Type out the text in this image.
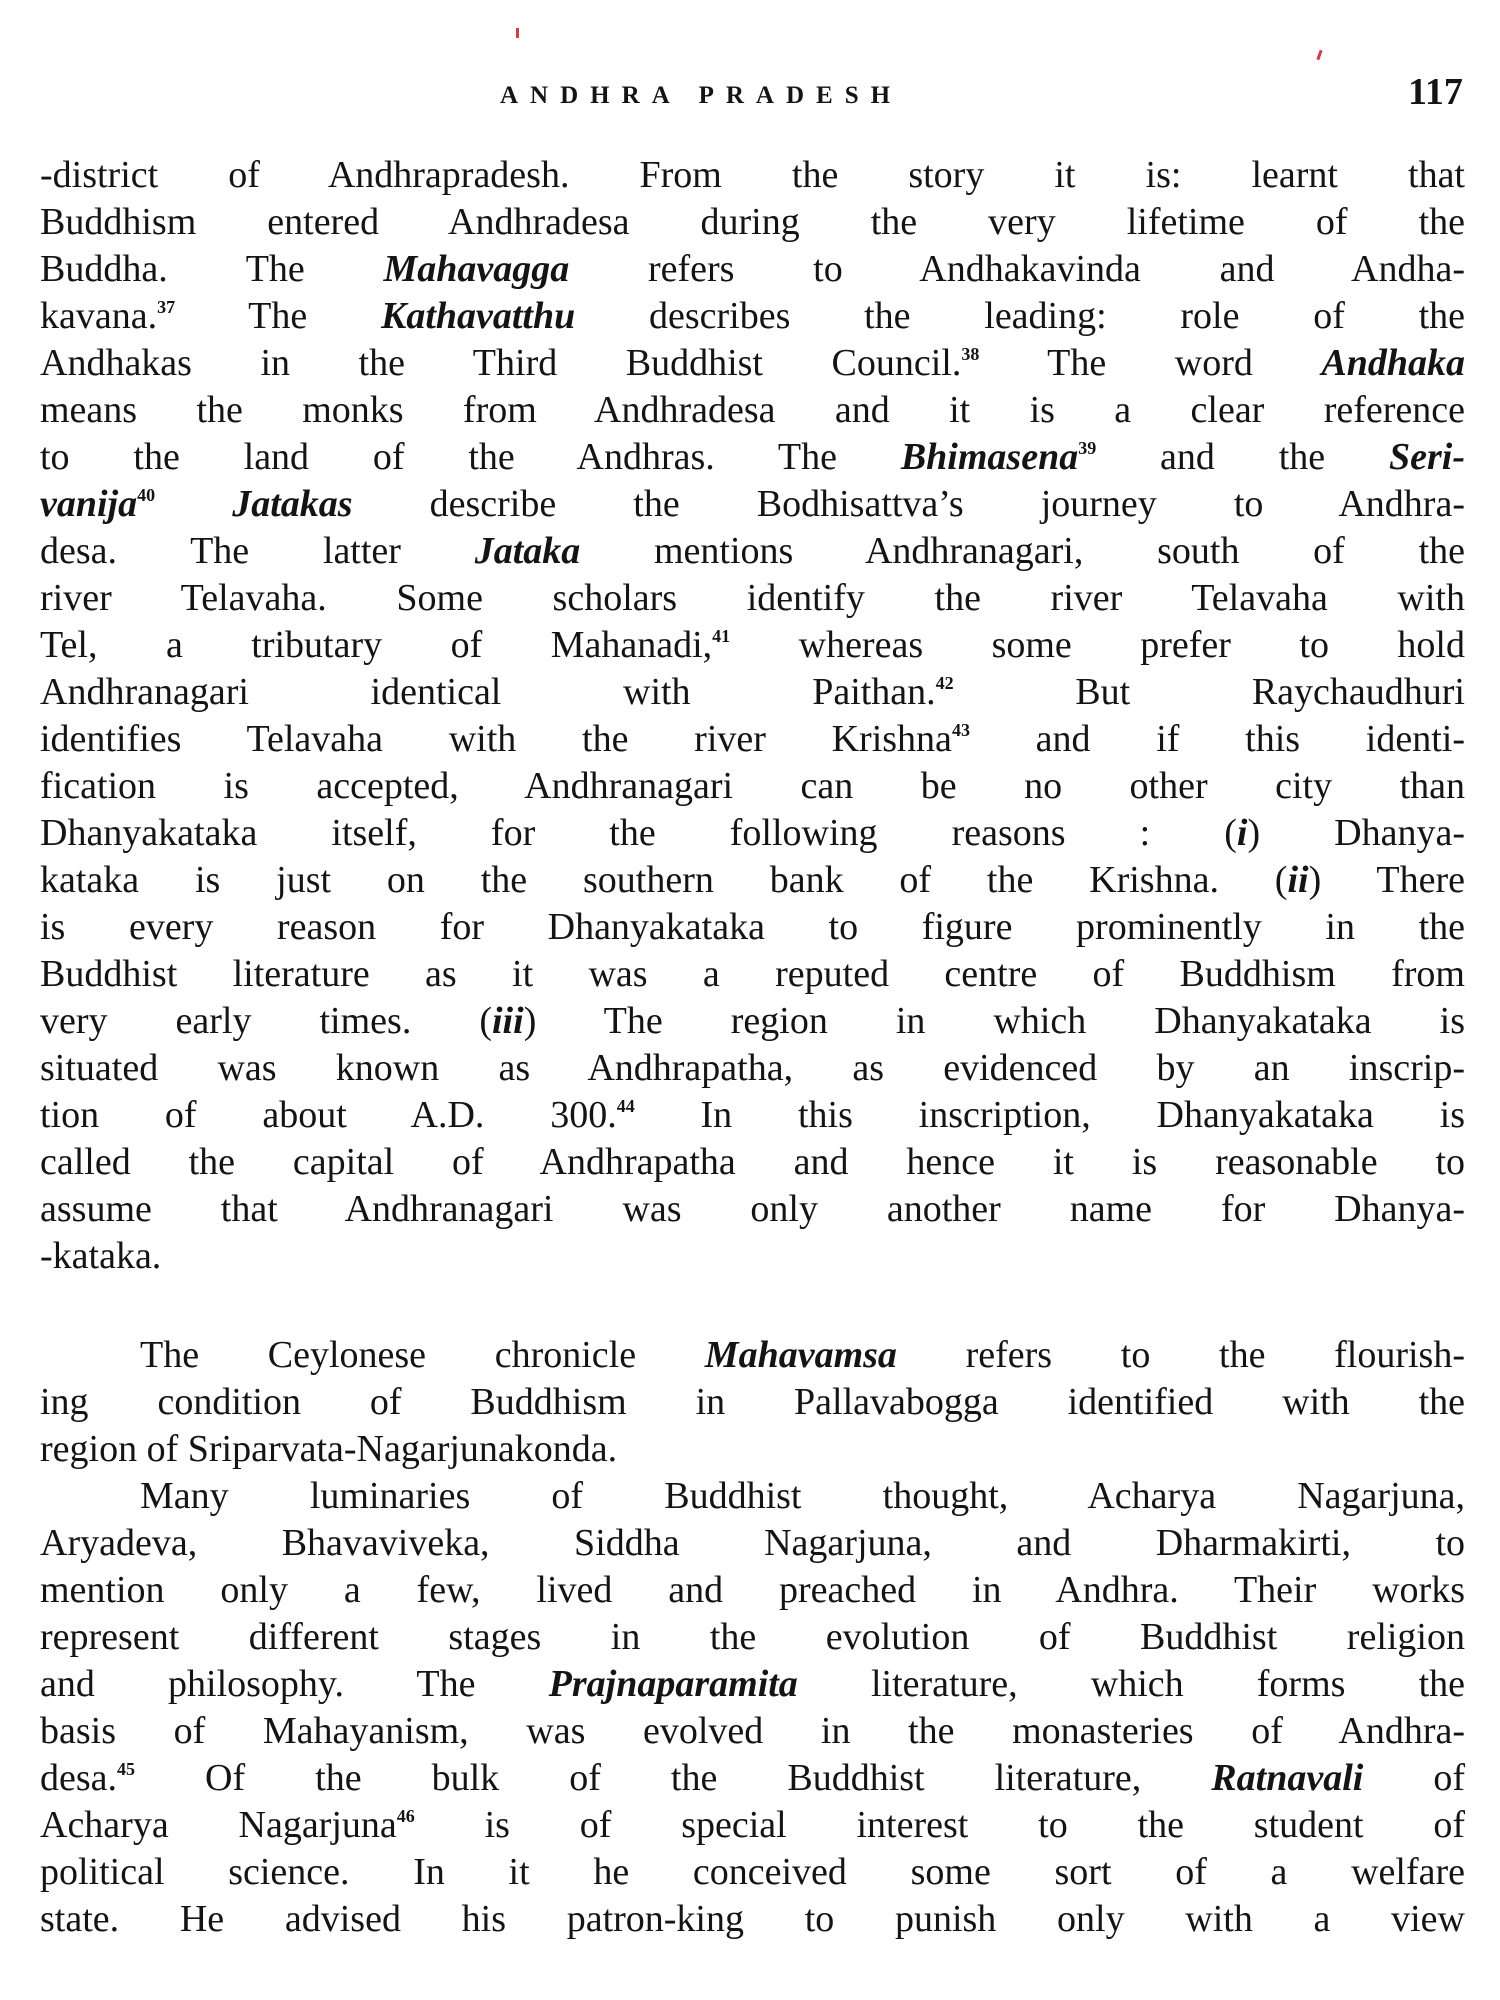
ANDHRA PRADESH	117
-district of Andhrapradesh. From the story it is: learnt that
Buddhism entered Andhradesa during the very lifetime of the
Buddha. The Mahavagga refers to Andhakavinda and Andha-
kavana.$^{37}$ The Kathavatthu describes the leading: role of the
Andhakas in the Third Buddhist Council.$^{38}$ The word Andhaka
means the monks from Andhradesa and it is a clear reference
to the land of the Andhras. The Bhimasena$^{39}$ and the Seri-
vanija$^{40}$ Jatakas describe the Bodhisattva’s journey to Andhra-
desa. The latter Jataka mentions Andhranagari, south of the
river Telavaha. Some scholars identify the river Telavaha with
Tel, a tributary of Mahanadi,$^{41}$ whereas some prefer to hold
Andhranagari identical with Paithan.$^{42}$ But Raychaudhuri
identifies Telavaha with the river Krishna$^{43}$ and if this identi-
fication is accepted, Andhranagari can be no other city than
Dhanyakataka itself, for the following reasons : (i) Dhanya-
kataka is just on the southern bank of the Krishna. (ii) There
is every reason for Dhanyakataka to figure prominently in the
Buddhist literature as it was a reputed centre of Buddhism from
very early times. (iii) The region in which Dhanyakataka is
situated was known as Andhrapatha, as evidenced by an inscrip-
tion of about A.D. 300.44 In this inscription, Dhanyakataka is
called the capital of Andhrapatha and hence it is reasonable to
assume that Andhranagari was only another name for Dhanya-
-kataka.
The Ceylonese chronicle Mahavamsa refers to the flourish-
ing condition of Buddhism in Pallavabogga identified with the
region of Sriparvata-Nagarjunakonda.
Many luminaries of Buddhist thought, Acharya Nagarjuna,
Aryadeva, Bhavaviveka, Siddha Nagarjuna, and Dharmakirti, to
mention only a few, lived and preached in Andhra. Their works
represent different stages in the evolution of Buddhist religion
and philosophy. The Prajnaparamita literature, which forms the
basis of Mahayanism, was evolved in the monasteries of Andhra-
desa.$^{45}$ Of the bulk of the Buddhist literature, Ratnavali of
Acharya Nagarjuna$^{46}$ is of special interest to the student of
political science. In it he conceived some sort of a welfare
state. He advised his patron-king to punish only with a view
